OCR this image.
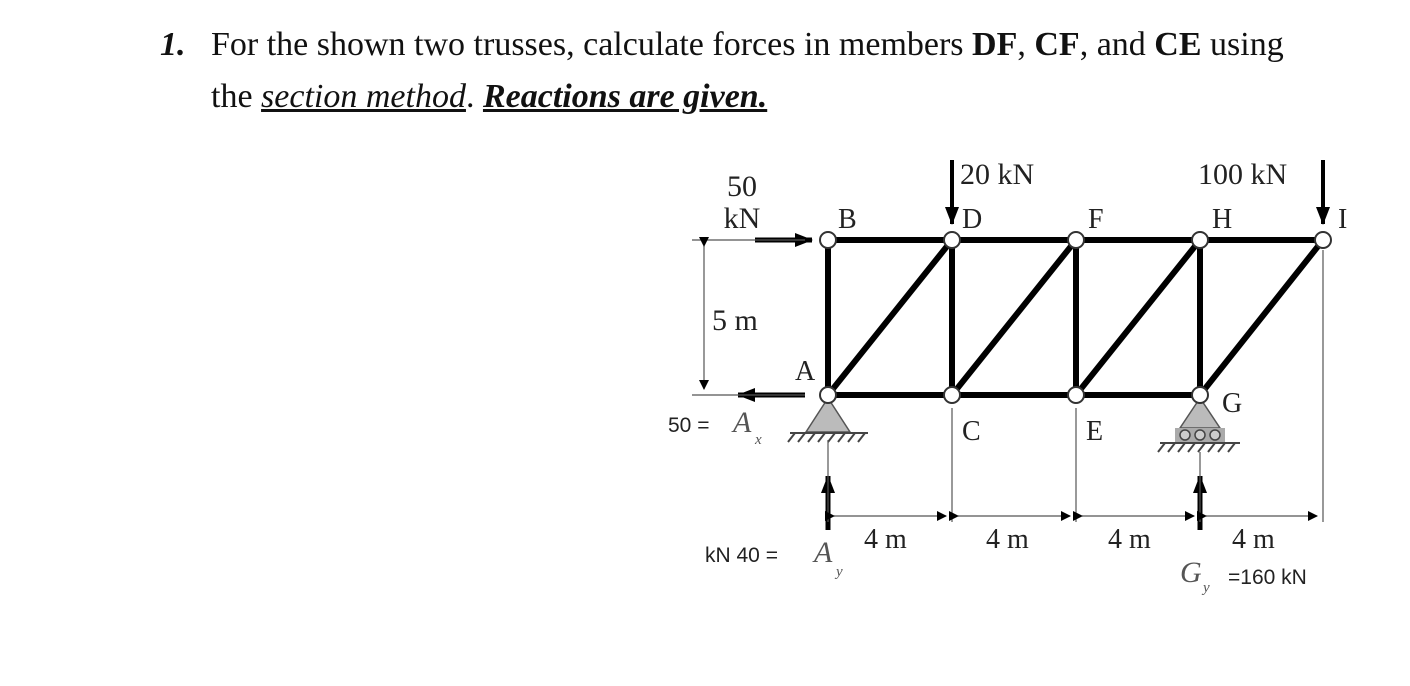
1. For the shown two trusses, calculate forces in members DF, CF, and CE using
the section method. Reactions are given.
50
kN
20 kN	100 kN
5 m
B	D	F	H	I
A
C	E
G
4 m	4 m	4 m	4 m
50 = A
x
kN 40 = A
y	G y =160 kN
